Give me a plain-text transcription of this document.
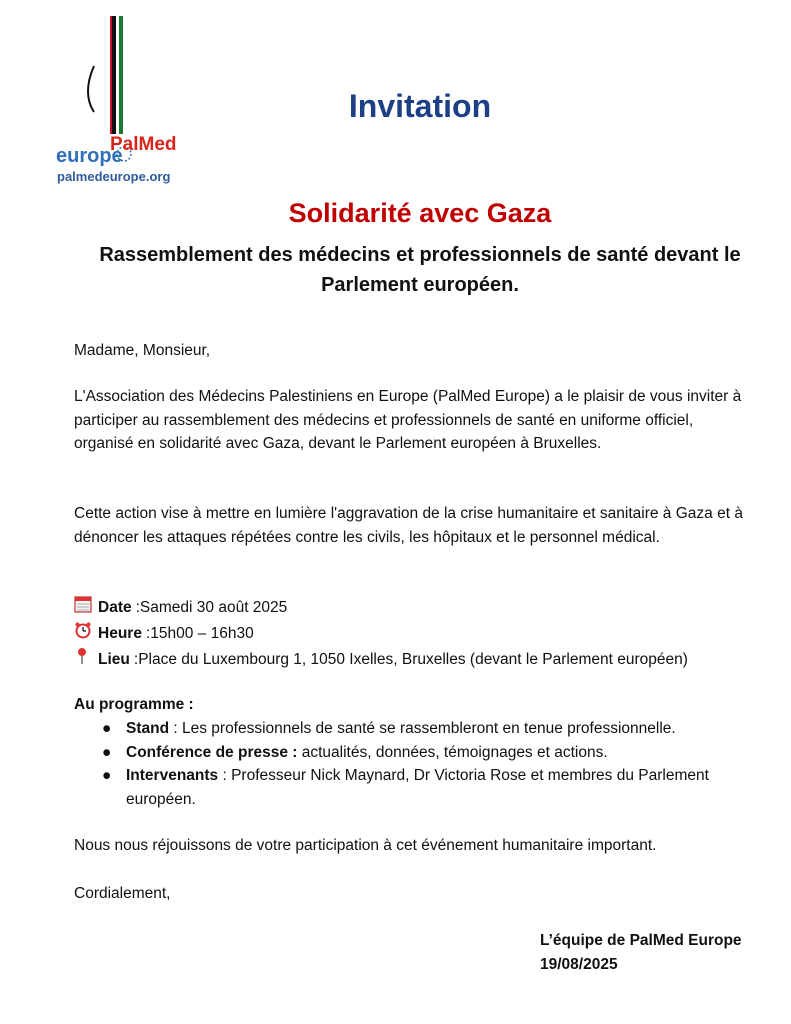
PalMed
europe
palmedeurope.org
Invitation
Solidarité avec Gaza
Rassemblement des médecins et professionnels de santé devant le Parlement européen.
Madame, Monsieur,
L'Association des Médecins Palestiniens en Europe (PalMed Europe) a le plaisir de vous inviter à participer au rassemblement des médecins et professionnels de santé en uniforme officiel, organisé en solidarité avec Gaza, devant le Parlement européen à Bruxelles.
Cette action vise à mettre en lumière l'aggravation de la crise humanitaire et sanitaire à Gaza et à dénoncer les attaques répétées contre les civils, les hôpitaux et le personnel médical.
Date : Samedi 30 août 2025
Heure : 15h00 – 16h30
Lieu : Place du Luxembourg 1, 1050 Ixelles, Bruxelles (devant le Parlement européen)
Au programme :
● Stand : Les professionnels de santé se rassembleront en tenue professionnelle.
● Conférence de presse : actualités, données, témoignages et actions.
● Intervenants : Professeur Nick Maynard, Dr Victoria Rose et membres du Parlement européen.
Nous nous réjouissons de votre participation à cet événement humanitaire important.
Cordialement,
L’équipe de PalMed Europe
19/08/2025
